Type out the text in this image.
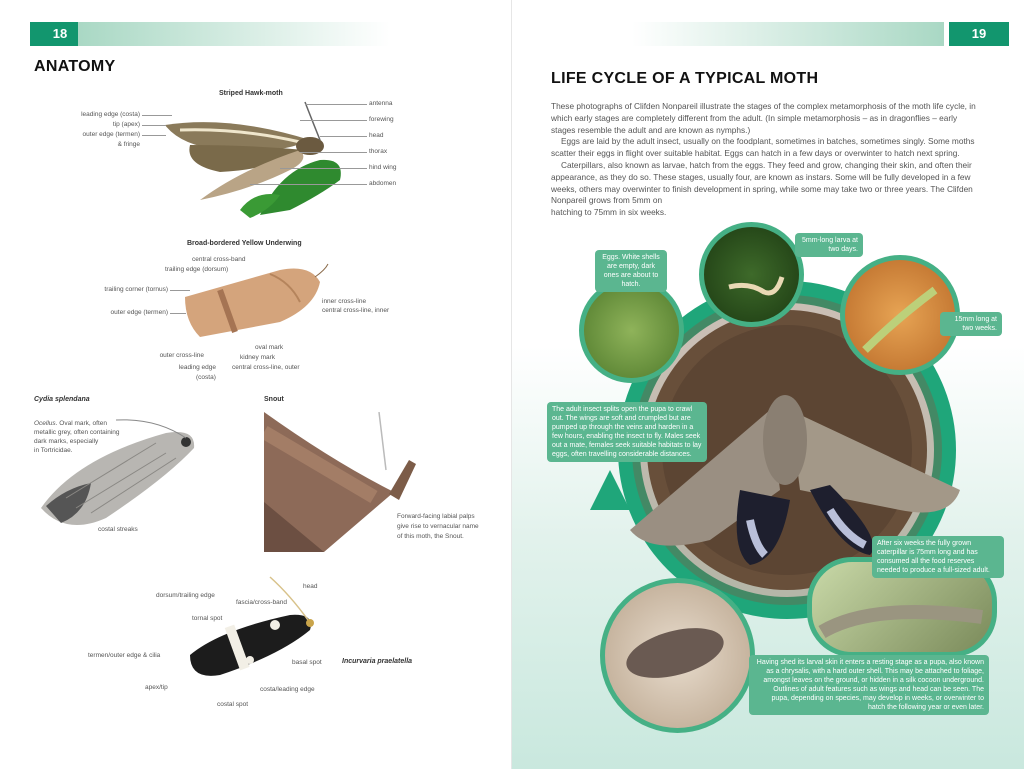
18
ANATOMY
Striped Hawk-moth
leading edge (costa)
tip (apex)
outer edge (termen)
& fringe
antenna
forewing
head
thorax
hind wing
abdomen
Broad-bordered Yellow Underwing
central cross-band
trailing edge (dorsum)
trailing corner (tornus)
outer edge (termen)
inner cross-line
central cross-line, inner
oval mark
kidney mark
central cross-line, outer
outer cross-line
leading edge
(costa)
Cydia splendana
Ocellus. Oval mark, often
metallic grey, often containing
dark marks, especially
in Tortricidae.
costal streaks
Snout
Forward-facing labial palps
give rise to vernacular name
of this moth, the Snout.
head
dorsum/trailing edge
fascia/cross-band
tornal spot
termen/outer edge & cilia
basal spot	Incurvaria praelatella
apex/tip	costa/leading edge
costal spot
19
LIFE CYCLE OF A TYPICAL MOTH

These photographs of Clifden Nonpareil illustrate the stages of the complex metamorphosis of the moth life cycle, in which early stages are completely different from the adult. (In simple metamorphosis – as in dragonflies – early stages resemble the adult and are known as nymphs.)

Eggs are laid by the adult insect, usually on the foodplant, sometimes in batches, sometimes singly. Some moths scatter their eggs in flight over suitable habitat. Eggs can hatch in a few days or overwinter to hatch next spring.

Caterpillars, also known as larvae, hatch from the eggs. They feed and grow, changing their skin, and often their appearance, as they do so. These stages, usually four, are known as instars. Some will be fully developed in a few weeks, others may overwinter to finish development in spring, while some may take two or three years. The Clifden Nonpareil grows from 5mm on

hatching to 75mm in six weeks.

Eggs. White shells are empty, dark ones are about to hatch.
5mm-long larva at two days.
15mm long at two weeks.
The adult insect splits open the pupa to crawl out. The wings are soft and crumpled but are pumped up through the veins and harden in a few hours, enabling the insect to fly. Males seek out a mate, females seek suitable habitats to lay eggs, often travelling considerable distances.
After six weeks the fully grown caterpillar is 75mm long and has consumed all the food reserves needed to produce a full-sized adult.
Having shed its larval skin it enters a resting stage as a pupa, also known as a chrysalis, with a hard outer shell. This may be attached to foliage, amongst leaves on the ground, or hidden in a silk cocoon underground. Outlines of adult features such as wings and head can be seen. The pupa, depending on species, may develop in weeks, or overwinter to hatch the following year or even later.
